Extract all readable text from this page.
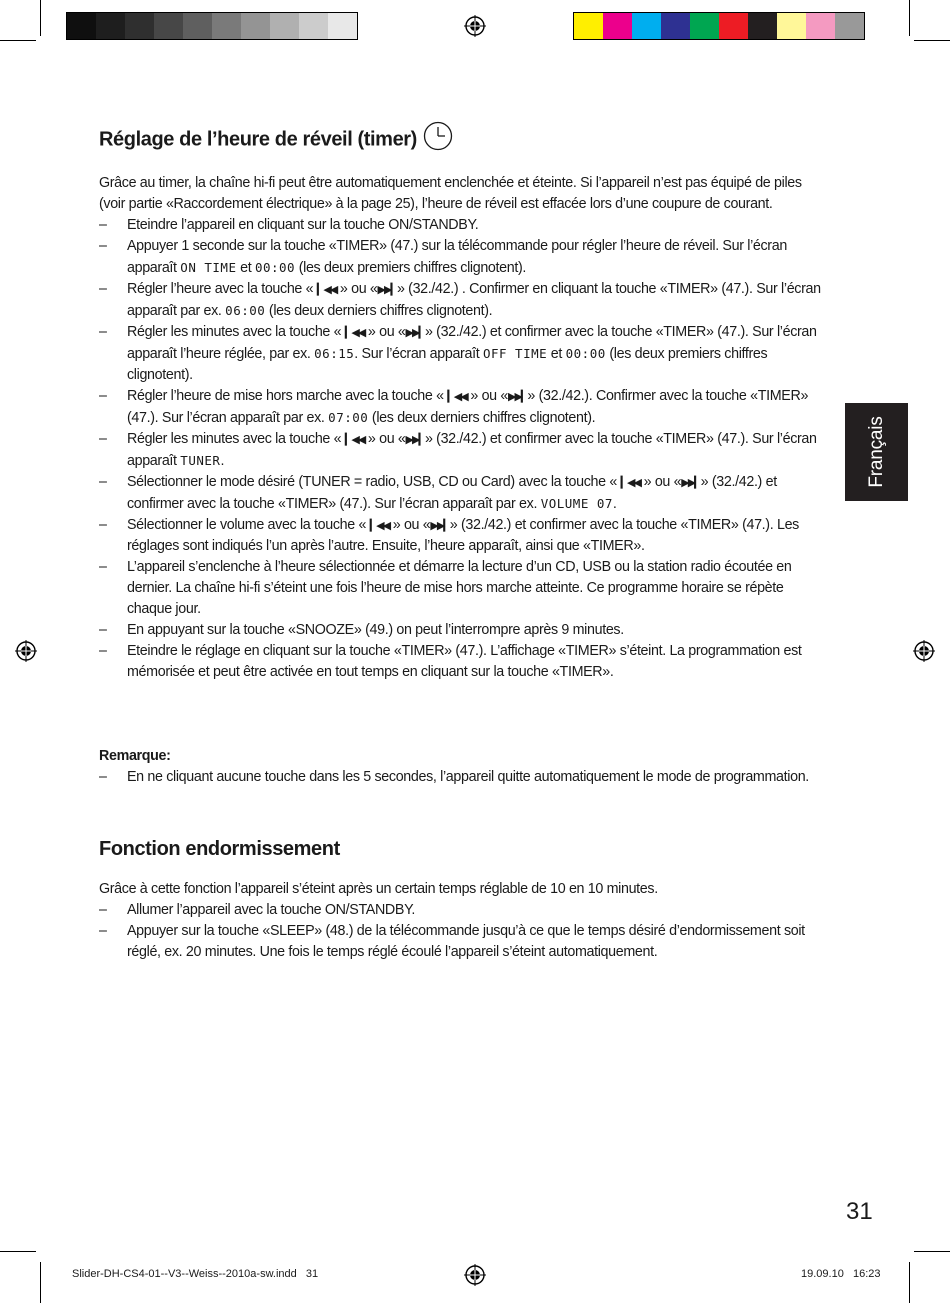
Réglage de l’heure de réveil (timer)

Grâce au timer, la chaîne hi-fi peut être automatiquement enclenchée et éteinte. Si l’appareil n’est pas équipé de piles (voir partie «Raccordement électrique» à la page 25), l’heure de réveil est effacée lors d’une coupure de courant.

– Eteindre l’appareil en cliquant sur la touche ON/STANDBY.
– Appuyer 1 seconde sur la touche «TIMER» (47.) sur la télécommande pour régler l’heure de réveil. Sur l’écran apparaît ON TIME et 00:00 (les deux premiers chiffres clignotent).
– Régler l’heure avec la touche « ▎◀◀ » ou «▶▶▎» (32./42.) . Confirmer en cliquant la touche «TIMER» (47.). Sur l’écran apparaît par ex. 06:00 (les deux derniers chiffres clignotent).
– Régler les minutes avec la touche « ▎◀◀ » ou «▶▶▎» (32./42.) et confirmer avec la touche «TIMER» (47.). Sur l’écran apparaît l’heure réglée, par ex. 06:15. Sur l’écran apparaît OFF TIME et 00:00 (les deux premiers chiffres clignotent).
– Régler l’heure de mise hors marche avec la touche « ▎◀◀ » ou «▶▶▎» (32./42.). Confirmer avec la touche «TIMER» (47.). Sur l’écran apparaît par ex. 07:00 (les deux derniers chiffres clignotent).
– Régler les minutes avec la touche « ▎◀◀ » ou «▶▶▎» (32./42.) et confirmer avec la touche «TIMER» (47.). Sur l’écran apparaît TUNER.
– Sélectionner le mode désiré (TUNER = radio, USB, CD ou Card) avec la touche « ▎◀◀ » ou «▶▶▎» (32./42.) et confirmer avec la touche «TIMER» (47.). Sur l’écran apparaît par ex. VOLUME 07.
– Sélectionner le volume avec la touche « ▎◀◀ » ou «▶▶▎» (32./42.) et confirmer avec la touche «TIMER» (47.). Les réglages sont indiqués l’un après l’autre. Ensuite, l’heure apparaît, ainsi que «TIMER».
– L’appareil s’enclenche à l’heure sélectionnée et démarre la lecture d’un CD, USB ou la station radio écoutée en dernier. La chaîne hi-fi s’éteint une fois l’heure de mise hors marche atteinte. Ce programme horaire se répète chaque jour.
– En appuyant sur la touche «SNOOZE» (49.) on peut l’interrompre après 9 minutes.
– Eteindre le réglage en cliquant sur la touche «TIMER» (47.). L’affichage «TIMER» s’éteint. La programmation est mémorisée et peut être activée en tout temps en cliquant sur la touche «TIMER».

Remarque:

– En ne cliquant aucune touche dans les 5 secondes, l’appareil quitte automatiquement le mode de programmation.
Fonction endormissement

Grâce à cette fonction l’appareil s’éteint après un certain temps réglable de 10 en 10 minutes.

– Allumer l’appareil avec la touche ON/STANDBY.
– Appuyer sur la touche «SLEEP» (48.) de la télécommande jusqu’à ce que le temps désiré d’endormissement soit réglé, ex. 20 minutes. Une fois le temps réglé écoulé l’appareil s’éteint automatiquement.
Français
31
Slider-DH-CS4-01--V3--Weiss--2010a-sw.indd   31	19.09.10   16:23
